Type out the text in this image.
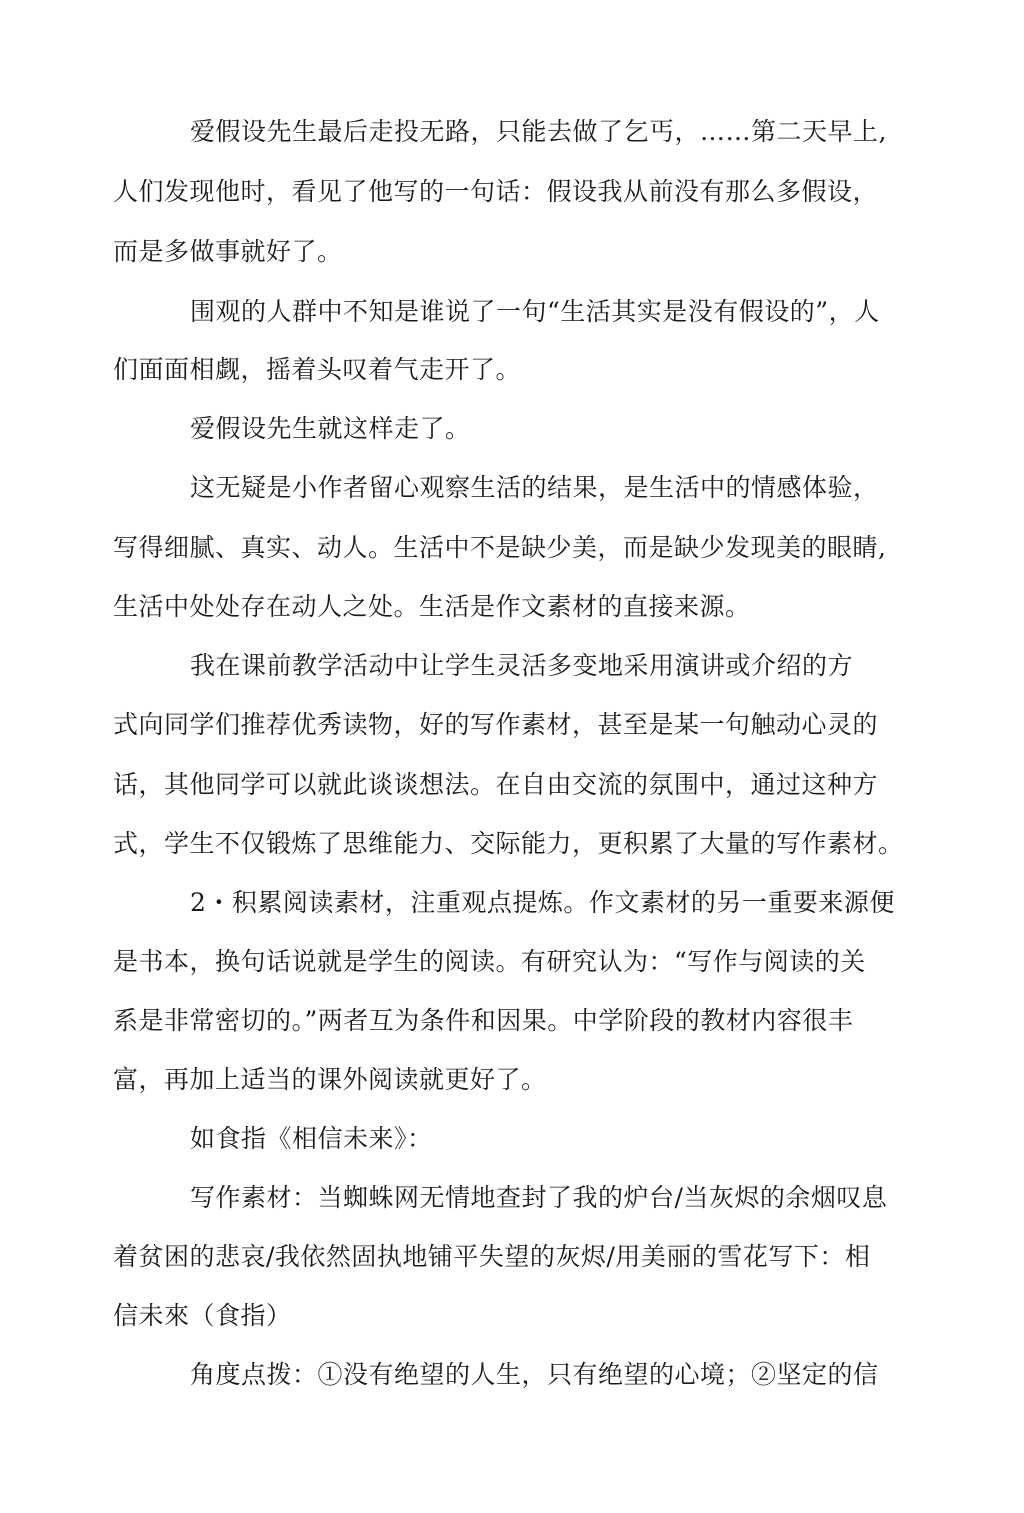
爱假设先生最后走投无路，只能去做了乞丐，……第二天早上,
人们发现他时，看见了他写的一句话：假设我从前没有那么多假设，
而是多做事就好了。
围观的人群中不知是谁说了一句“生活其实是没有假设的”，人
们面面相觑，摇着头叹着气走开了。
爱假设先生就这样走了。
这无疑是小作者留心观察生活的结果，是生活中的情感体验，
写得细腻、真实、动人。生活中不是缺少美，而是缺少发现美的眼睛,
生活中处处存在动人之处。生活是作文素材的直接来源。
我在课前教学活动中让学生灵活多变地采用演讲或介绍的方
式向同学们推荐优秀读物，好的写作素材，甚至是某一句触动心灵的
话，其他同学可以就此谈谈想法。在自由交流的氛围中，通过这种方
式，学生不仅锻炼了思维能力、交际能力，更积累了大量的写作素材。
2・积累阅读素材，注重观点提炼。作文素材的另一重要来源便
是书本，换句话说就是学生的阅读。有研究认为：“写作与阅读的关
系是非常密切的。”两者互为条件和因果。中学阶段的教材内容很丰
富，再加上适当的课外阅读就更好了。
如食指《相信未来》：
写作素材：当蜘蛛网无情地查封了我的炉台/当灰烬的余烟叹息
着贫困的悲哀/我依然固执地铺平失望的灰烬/用美丽的雪花写下：相
信未來（食指）
角度点拨：①没有绝望的人生，只有绝望的心境；②坚定的信
